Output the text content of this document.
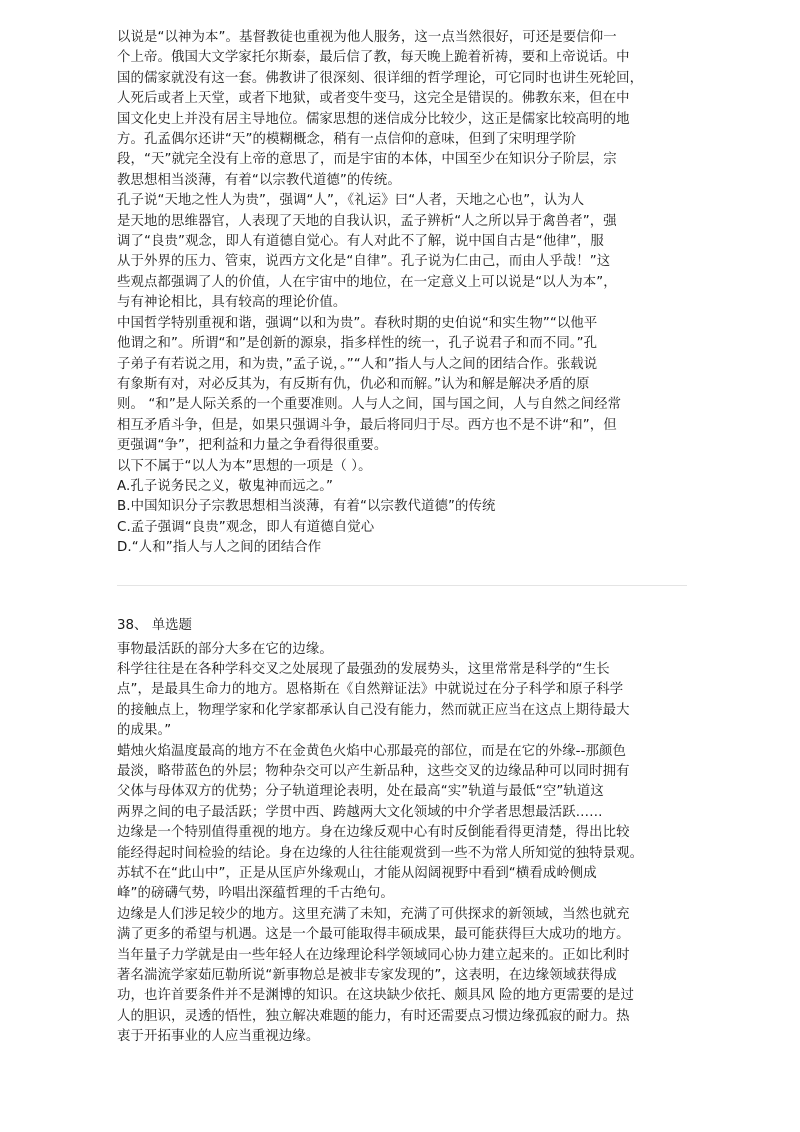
以说是“以神为本”。基督教徒也重视为他人服务，这一点当然很好，可还是要信仰一
个上帝。俄国大文学家托尔斯泰，最后信了教，每天晚上跪着祈祷，要和上帝说话。中
国的儒家就没有这一套。佛教讲了很深刻、很详细的哲学理论，可它同时也讲生死轮回，
人死后或者上天堂，或者下地狱，或者变牛变马，这完全是错误的。佛教东来，但在中
国文化史上并没有居主导地位。儒家思想的迷信成分比较少，这正是儒家比较高明的地
方。孔孟偶尔还讲“天”的模糊概念，稍有一点信仰的意味，但到了宋明理学阶
段，“天”就完全没有上帝的意思了，而是宇宙的本体，中国至少在知识分子阶层，宗
教思想相当淡薄，有着“以宗教代道德”的传统。
孔子说“天地之性人为贵”，强调“人”，《礼运》曰“人者，天地之心也”，认为人
是天地的思维器官，人表现了天地的自我认识，孟子辨析“人之所以异于禽兽者”，强
调了“良贵”观念，即人有道德自觉心。有人对此不了解，说中国自古是“他律”，服
从于外界的压力、管束，说西方文化是“自律”。孔子说为仁由己，而由人乎哉！”这
些观点都强调了人的价值，人在宇宙中的地位，在一定意义上可以说是“以人为本”，
与有神论相比，具有较高的理论价值。
中国哲学特别重视和谐，强调“以和为贵”。春秋时期的史伯说“和实生物”“以他平
他谓之和”。所谓“和”是创新的源泉，指多样性的统一，孔子说君子和而不同。”孔
子弟子有若说之用，和为贵，”孟子说，。”“人和”指人与人之间的团结合作。张载说
有象斯有对，对必反其为，有反斯有仇，仇必和而解。”认为和解是解决矛盾的原
则。 “和”是人际关系的一个重要准则。人与人之间，国与国之间，人与自然之间经常
相互矛盾斗争，但是，如果只强调斗争，最后将同归于尽。西方也不是不讲“和”，但
更强调“争”，把利益和力量之争看得很重要。
以下不属于“以人为本”思想的一项是（ ）。
A.孔子说务民之义，敬鬼神而远之。”
B.中国知识分子宗教思想相当淡薄，有着“以宗教代道德”的传统
C.孟子强调“良贵”观念，即人有道德自觉心
D.“人和”指人与人之间的团结合作
38、 单选题
事物最活跃的部分大多在它的边缘。
科学往往是在各种学科交叉之处展现了最强劲的发展势头，这里常常是科学的“生长
点”，是最具生命力的地方。恩格斯在《自然辩证法》中就说过在分子科学和原子科学
的接触点上，物理学家和化学家都承认自己没有能力，然而就正应当在这点上期待最大
的成果。”
蜡烛火焰温度最高的地方不在金黄色火焰中心那最亮的部位，而是在它的外缘--那颜色
最淡，略带蓝色的外层；物种杂交可以产生新品种，这些交叉的边缘品种可以同时拥有
父体与母体双方的优势；分子轨道理论表明，处在最高“实”轨道与最低“空”轨道这
两界之间的电子最活跃；学贯中西、跨越两大文化领域的中介学者思想最活跃……
边缘是一个特别值得重视的地方。身在边缘反观中心有时反倒能看得更清楚，得出比较
能经得起时间检验的结论。身在边缘的人往往能观赏到一些不为常人所知觉的独特景观。
苏轼不在“此山中”，正是从匡庐外缘观山，才能从闳阔视野中看到“横看成岭侧成
峰”的磅礴气势，吟唱出深蕴哲理的千古绝句。
边缘是人们涉足较少的地方。这里充满了未知，充满了可供探求的新领域，当然也就充
满了更多的希望与机遇。这是一个最可能取得丰硕成果，最可能获得巨大成功的地方。
当年量子力学就是由一些年轻人在边缘理论科学领域同心协力建立起来的。正如比利时
著名湍流学家茹厄勒所说“新事物总是被非专家发现的”，这表明，在边缘领域获得成
功，也许首要条件并不是渊博的知识。在这块缺少依托、颇具风 险的地方更需要的是过
人的胆识，灵透的悟性，独立解决难题的能力，有时还需要点习惯边缘孤寂的耐力。热
衷于开拓事业的人应当重视边缘。
